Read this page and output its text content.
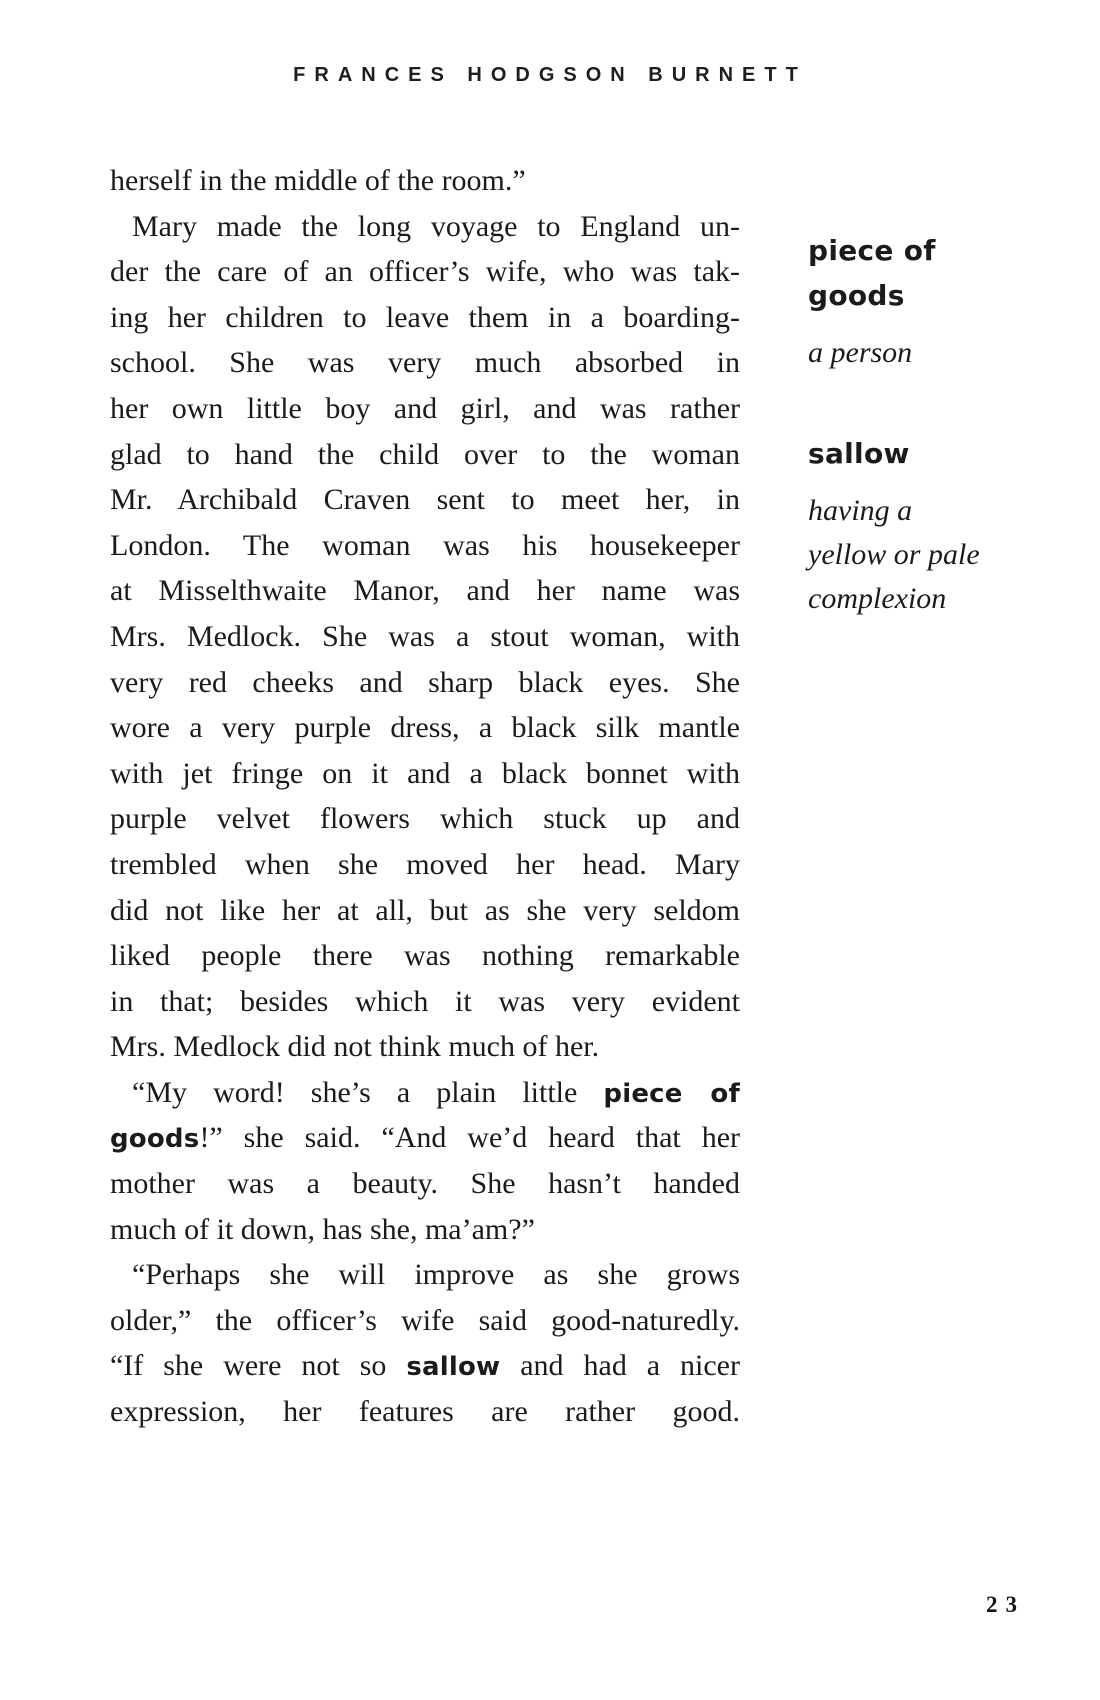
FRANCES HODGSON BURNETT
herself in the middle of the room.”
Mary made the long voyage to England un-
der the care of an officer’s wife, who was tak-
ing her children to leave them in a boarding-
school. She was very much absorbed in
her own little boy and girl, and was rather
glad to hand the child over to the woman
Mr. Archibald Craven sent to meet her, in
London. The woman was his housekeeper
at Misselthwaite Manor, and her name was
Mrs. Medlock. She was a stout woman, with
very red cheeks and sharp black eyes. She
wore a very purple dress, a black silk mantle
with jet fringe on it and a black bonnet with
purple velvet flowers which stuck up and
trembled when she moved her head. Mary
did not like her at all, but as she very seldom
liked people there was nothing remarkable
in that; besides which it was very evident
Mrs. Medlock did not think much of her.
“My word! she’s a plain little piece of
goods!” she said. “And we’d heard that her
mother was a beauty. She hasn’t handed
much of it down, has she, ma’am?”
“Perhaps she will improve as she grows
older,” the officer’s wife said good-naturedly.
“If she were not so sallow and had a nicer
expression, her features are rather good.
piece of
goods
a person
sallow
having a
yellow or pale
complexion
23
